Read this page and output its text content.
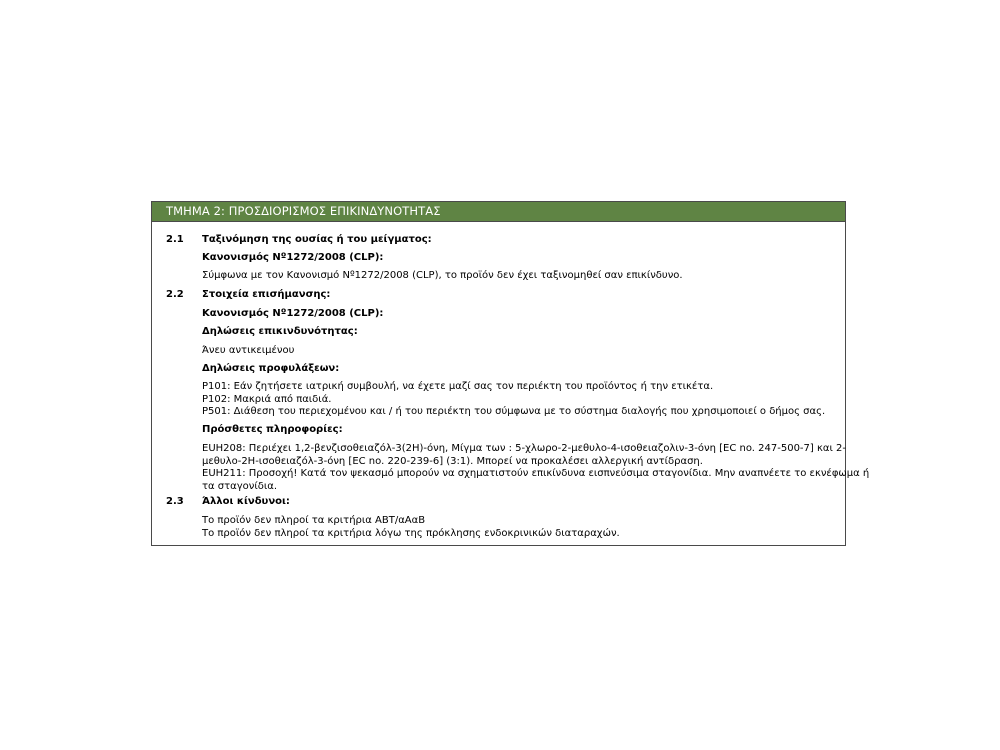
ΤΜΗΜΑ 2: ΠΡΟΣΔΙΟΡΙΣΜΟΣ ΕΠΙΚΙΝΔΥΝΟΤΗΤΑΣ
2.1 Ταξινόμηση της ουσίας ή του μείγματος:
Κανονισμός Nº1272/2008 (CLP):
Σύμφωνα με τον Κανονισμό Nº1272/2008 (CLP), το προϊόν δεν έχει ταξινομηθεί σαν επικίνδυνο.
2.2 Στοιχεία επισήμανσης:
Κανονισμός Nº1272/2008 (CLP):
Δηλώσεις επικινδυνότητας:
Άνευ αντικειμένου
Δηλώσεις προφυλάξεων:
P101: Εάν ζητήσετε ιατρική συμβουλή, να έχετε μαζί σας τον περιέκτη του προϊόντος ή την ετικέτα.
P102: Μακριά από παιδιά.
P501: Διάθεση του περιεχομένου και / ή του περιέκτη του σύμφωνα με το σύστημα διαλογής που χρησιμοποιεί ο δήμος σας.
Πρόσθετες πληροφορίες:
EUH208: Περιέχει 1,2-βενζισοθειαζόλ-3(2Η)-όνη, Μίγμα των : 5-χλωρο-2-μεθυλο-4-ισοθειαζολιν-3-όνη [EC no. 247-500-7] και 2-
μεθυλο-2Η-ισοθειαζόλ-3-όνη [EC no. 220-239-6] (3:1). Μπορεί να προκαλέσει αλλεργική αντίδραση.
EUH211: Προσοχή! Κατά τον ψεκασμό μπορούν να σχηματιστούν επικίνδυνα εισπνεύσιμα σταγονίδια. Μην αναπνέετε το εκνέφωμα ή
τα σταγονίδια.
2.3 Άλλοι κίνδυνοι:
Το προϊόν δεν πληροί τα κριτήρια ΑΒΤ/αΑαΒ
Το προϊόν δεν πληροί τα κριτήρια λόγω της πρόκλησης ενδοκρινικών διαταραχών.
